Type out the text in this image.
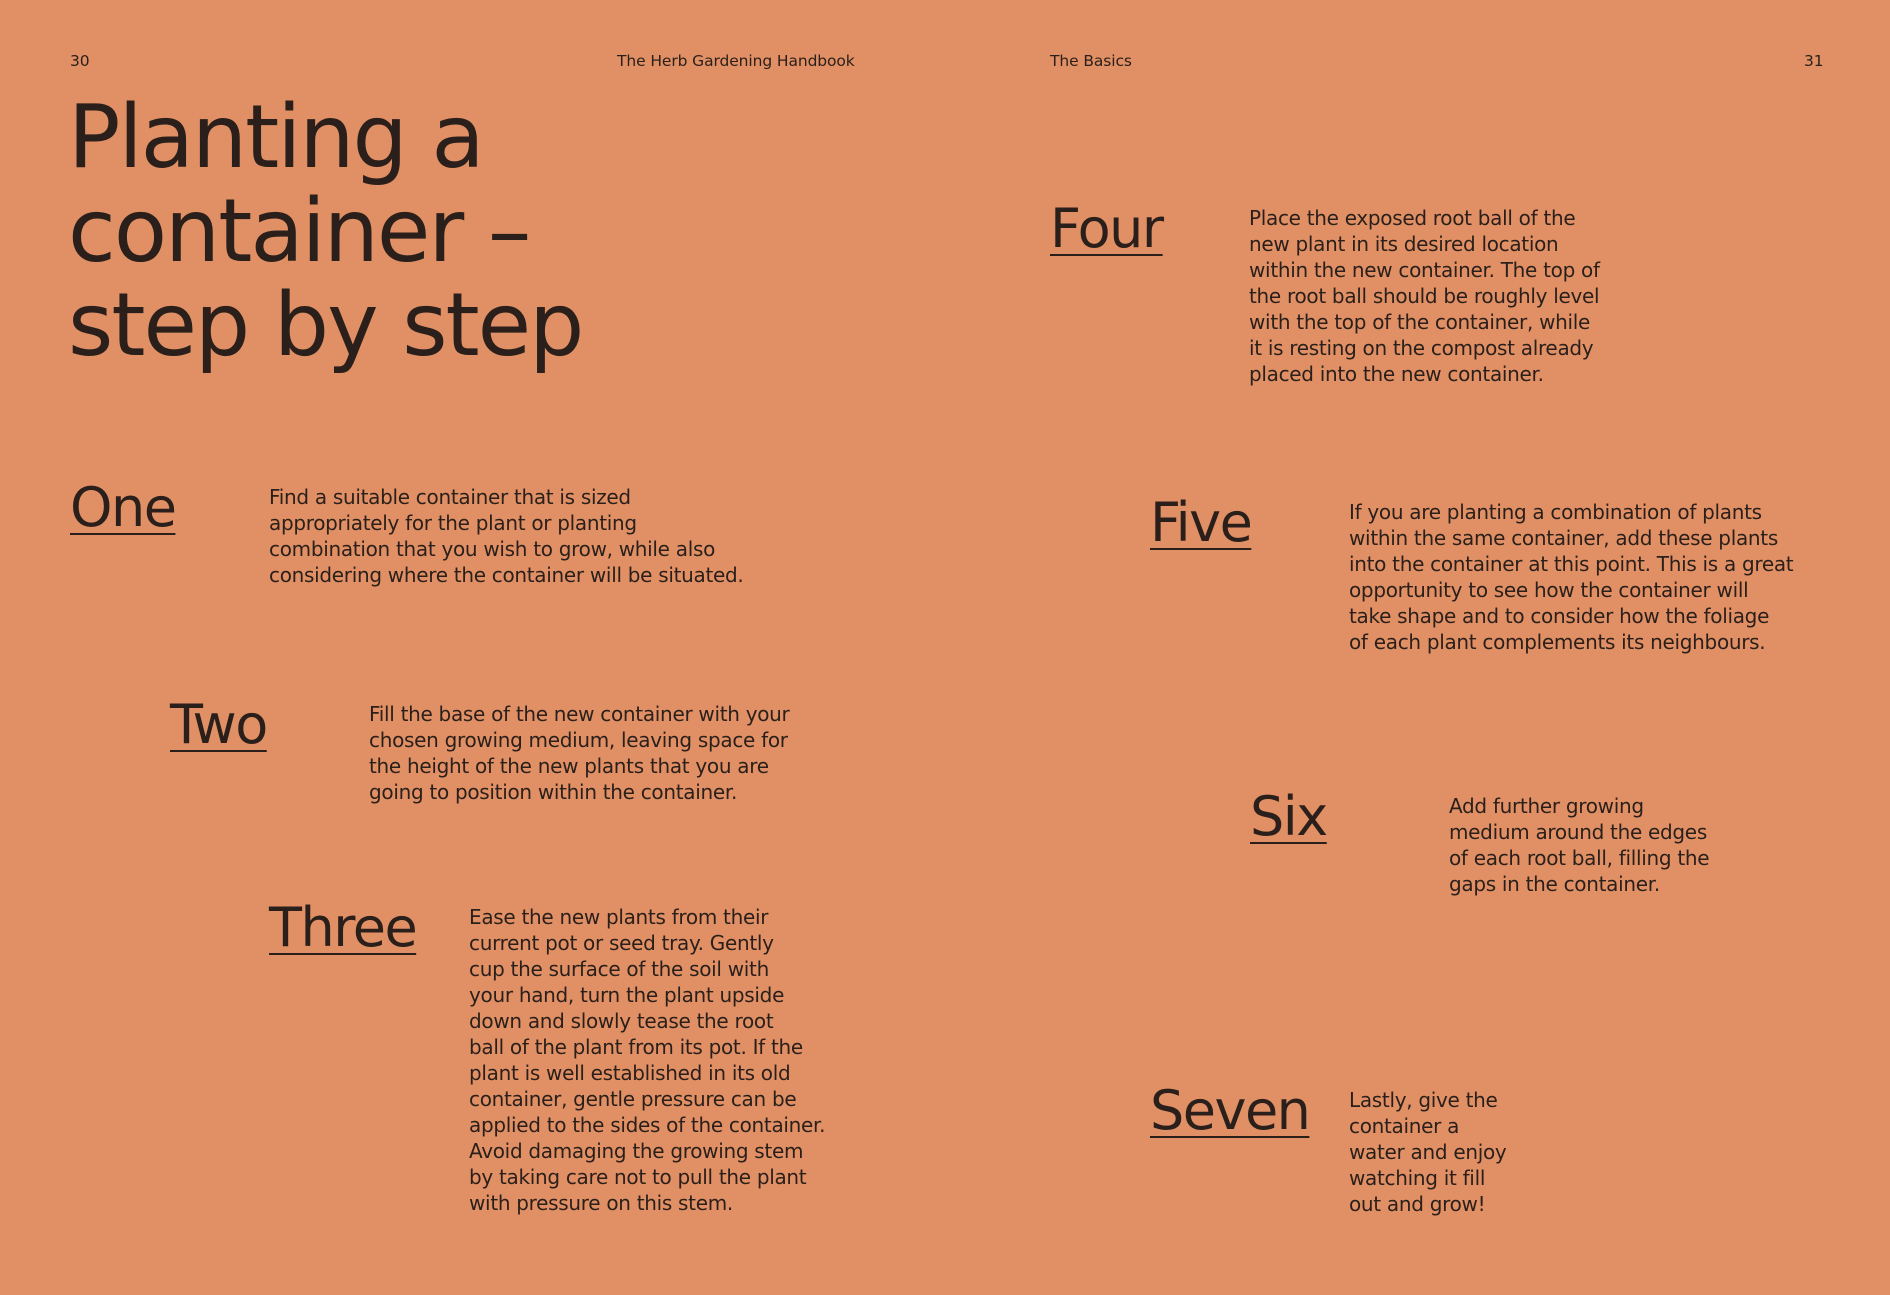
30	The Herb Gardening Handbook	The Basics	31
Planting a
container –
step by step
One	Find a suitable container that is sized
appropriately for the plant or planting
combination that you wish to grow, while also
considering where the container will be situated.

Two	Fill the base of the new container with your
chosen growing medium, leaving space for
the height of the new plants that you are
going to position within the container.

Three	Ease the new plants from their
current pot or seed tray. Gently
cup the surface of the soil with
your hand, turn the plant upside
down and slowly tease the root
ball of the plant from its pot. If the
plant is well established in its old
container, gentle pressure can be
applied to the sides of the container.
Avoid damaging the growing stem
by taking care not to pull the plant
with pressure on this stem.

Four	Place the exposed root ball of the
new plant in its desired location
within the new container. The top of
the root ball should be roughly level
with the top of the container, while
it is resting on the compost already
placed into the new container.

Five	If you are planting a combination of plants
within the same container, add these plants
into the container at this point. This is a great
opportunity to see how the container will
take shape and to consider how the foliage
of each plant complements its neighbours.

Six	Add further growing
medium around the edges
of each root ball, filling the
gaps in the container.

Seven Lastly, give the
container a
water and enjoy
watching it fill
out and grow!
